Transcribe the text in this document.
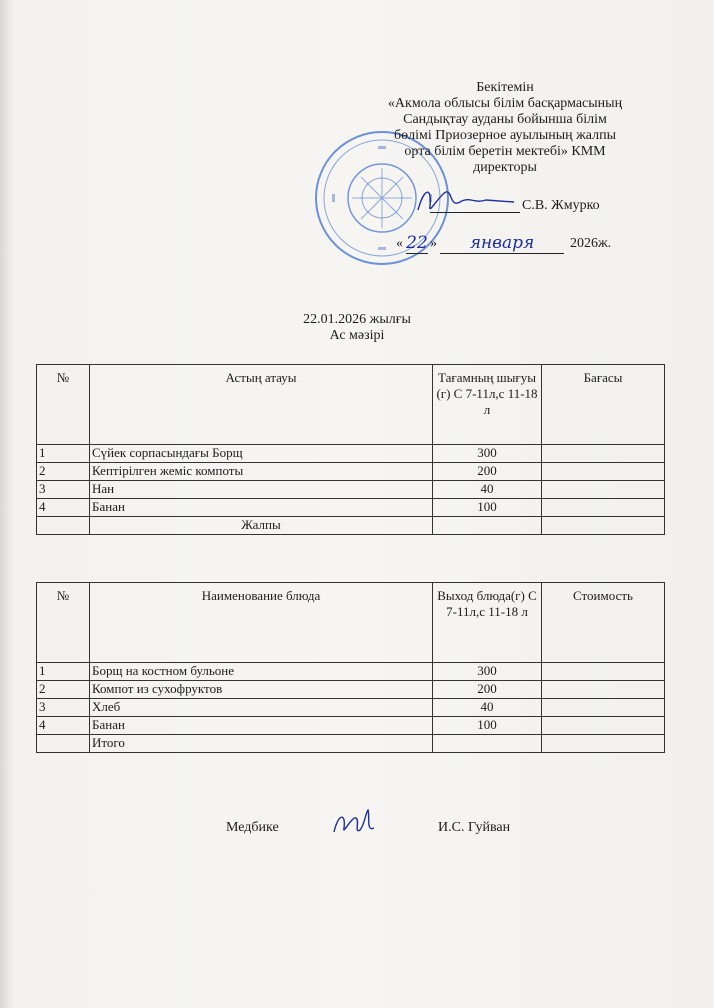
Бекітемін
«Акмола облысы білім басқармасының
Сандықтау ауданы бойынша білім
бөлімі Приозерное ауылының жалпы
орта білім беретін мектебі» КММ
директоры
С.В. Жмурко
« 22 »	января	2026ж.
22.01.2026 жылғы
Ас мәзірі
№	Астың атауы	Тағамның шығуы (г) С 7-11л,с 11-18 л	Бағасы
1	Сүйек сорпасындағы Борщ	300	
2	Кептірілген жеміс компоты	200	
3	Нан	40	
4	Банан	100	
	Жалпы		
№	Наименование блюда	Выход блюда(г) С 7-11л,с 11-18 л	Стоимость
1	Борщ на костном бульоне	300	
2	Компот из сухофруктов	200	
3	Хлеб	40	
4	Банан	100	
	Итого		
Медбике	И.С. Гуйван
